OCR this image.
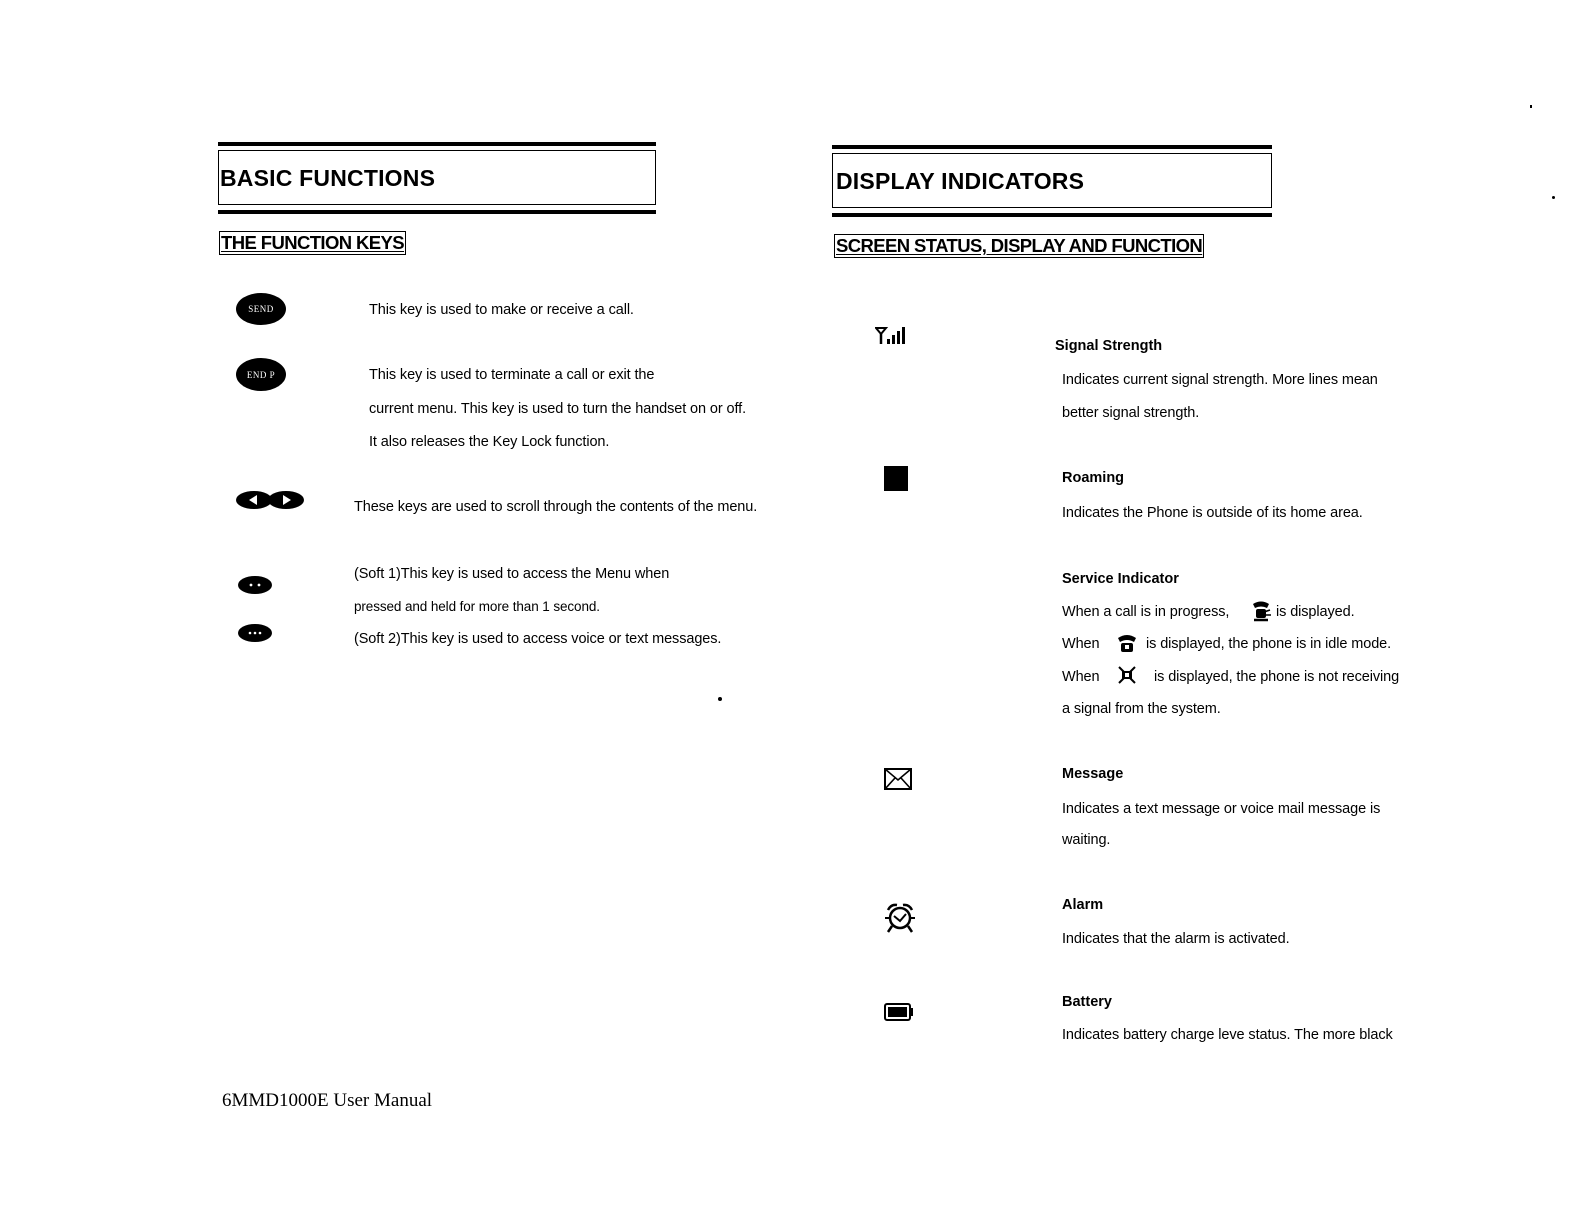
BASIC FUNCTIONS
THE FUNCTION KEYS
SEND	This key is used to make or receive a call.
END P	This key is used to terminate a call or exit the
current menu. This key is used to turn the handset on or off.
It also releases the Key Lock function.
These keys are used to scroll through the contents of the menu.
(Soft 1)This key is used to access the Menu when
pressed and held for more than 1 second.
(Soft 2)This key is used to access voice or text messages.
6MMD1000E User Manual
DISPLAY INDICATORS
SCREEN STATUS, DISPLAY AND FUNCTION
Signal Strength
Indicates current signal strength. More lines mean
better signal strength.
Roaming
Indicates the Phone is outside of its home area.
Service Indicator
When a call is in progress,	is displayed.
When	is displayed, the phone is in idle mode.
When	is displayed, the phone is not receiving
a signal from the system.
Message
Indicates a text message or voice mail message is
waiting.
Alarm
Indicates that the alarm is activated.
Battery
Indicates battery charge leve status. The more black
